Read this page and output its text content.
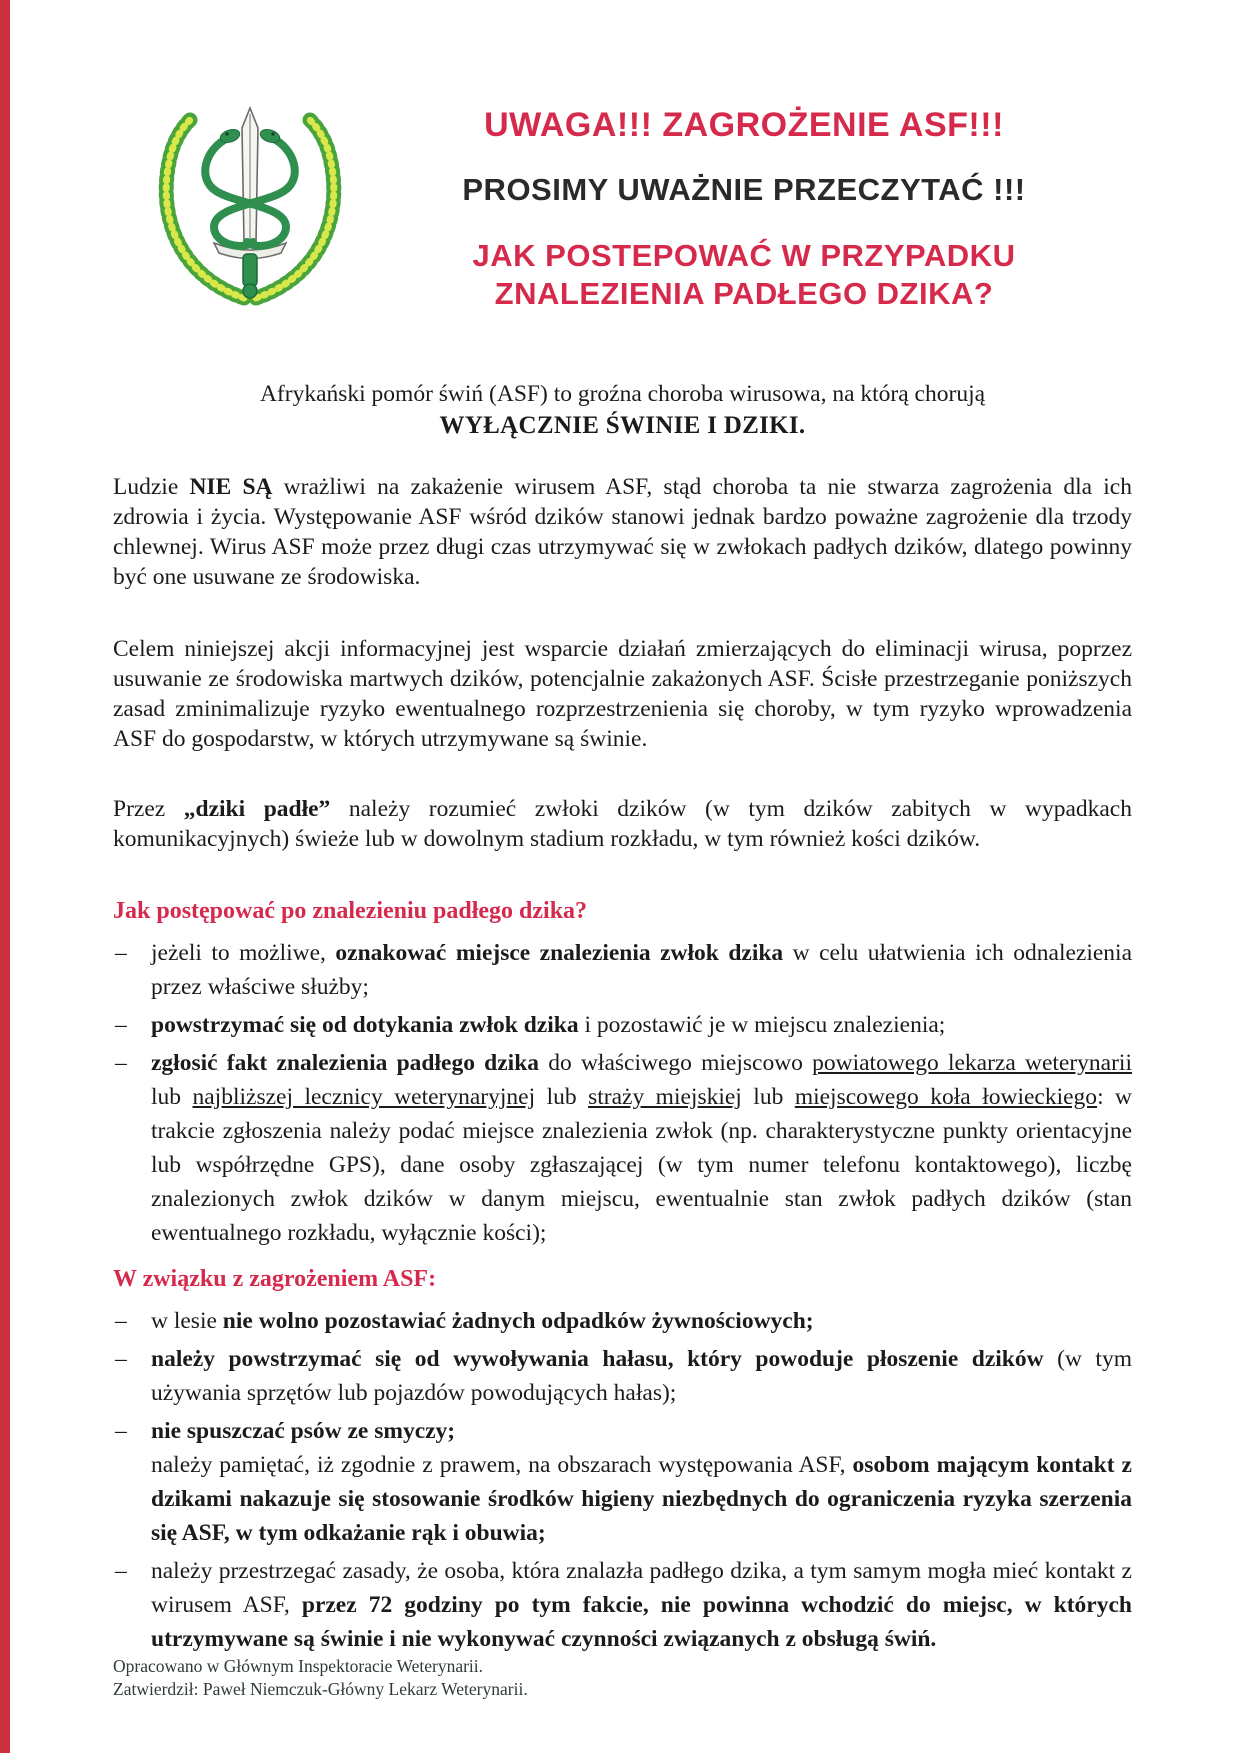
UWAGA!!! ZAGROŻENIE ASF!!!
PROSIMY UWAŻNIE PRZECZYTAĆ !!!
JAK POSTEPOWAĆ W PRZYPADKU
ZNALEZIENIA PADŁEGO DZIKA?
Afrykański pomór świń (ASF) to groźna choroba wirusowa, na którą chorują
WYŁĄCZNIE ŚWINIE I DZIKI.

Ludzie NIE SĄ wrażliwi na zakażenie wirusem ASF, stąd choroba ta nie stwarza zagrożenia dla ich zdrowia i życia. Występowanie ASF wśród dzików stanowi jednak bardzo poważne zagrożenie dla trzody chlewnej. Wirus ASF może przez długi czas utrzymywać się w zwłokach padłych dzików, dlatego powinny być one usuwane ze środowiska.

Celem niniejszej akcji informacyjnej jest wsparcie działań zmierzających do eliminacji wirusa, poprzez usuwanie ze środowiska martwych dzików, potencjalnie zakażonych ASF. Ścisłe przestrzeganie poniższych zasad zminimalizuje ryzyko ewentualnego rozprzestrzenienia się choroby, w tym ryzyko wprowadzenia ASF do gospodarstw, w których utrzymywane są świnie.

Przez „dziki padłe” należy rozumieć zwłoki dzików (w tym dzików zabitych w wypadkach komunikacyjnych) świeże lub w dowolnym stadium rozkładu, w tym również kości dzików.

Jak postępować po znalezieniu padłego dzika?
– jeżeli to możliwe, oznakować miejsce znalezienia zwłok dzika w celu ułatwienia ich odnalezienia przez właściwe służby;
– powstrzymać się od dotykania zwłok dzika i pozostawić je w miejscu znalezienia;
– zgłosić fakt znalezienia padłego dzika do właściwego miejscowo powiatowego lekarza weterynarii lub najbliższej lecznicy weterynaryjnej lub straży miejskiej lub miejscowego koła łowieckiego: w trakcie zgłoszenia należy podać miejsce znalezienia zwłok (np. charakterystyczne punkty orientacyjne lub współrzędne GPS), dane osoby zgłaszającej (w tym numer telefonu kontaktowego), liczbę znalezionych zwłok dzików w danym miejscu, ewentualnie stan zwłok padłych dzików (stan ewentualnego rozkładu, wyłącznie kości);
W związku z zagrożeniem ASF:
– w lesie nie wolno pozostawiać żadnych odpadków żywnościowych;
– należy powstrzymać się od wywoływania hałasu, który powoduje płoszenie dzików (w tym używania sprzętów lub pojazdów powodujących hałas);
– nie spuszczać psów ze smyczy;
należy pamiętać, iż zgodnie z prawem, na obszarach występowania ASF, osobom mającym kontakt z dzikami nakazuje się stosowanie środków higieny niezbędnych do ograniczenia ryzyka szerzenia się ASF, w tym odkażanie rąk i obuwia;
– należy przestrzegać zasady, że osoba, która znalazła padłego dzika, a tym samym mogła mieć kontakt z wirusem ASF, przez 72 godziny po tym fakcie, nie powinna wchodzić do miejsc, w których utrzymywane są świnie i nie wykonywać czynności związanych z obsługą świń.
Opracowano w Głównym Inspektoracie Weterynarii.
Zatwierdził: Paweł Niemczuk-Główny Lekarz Weterynarii.
